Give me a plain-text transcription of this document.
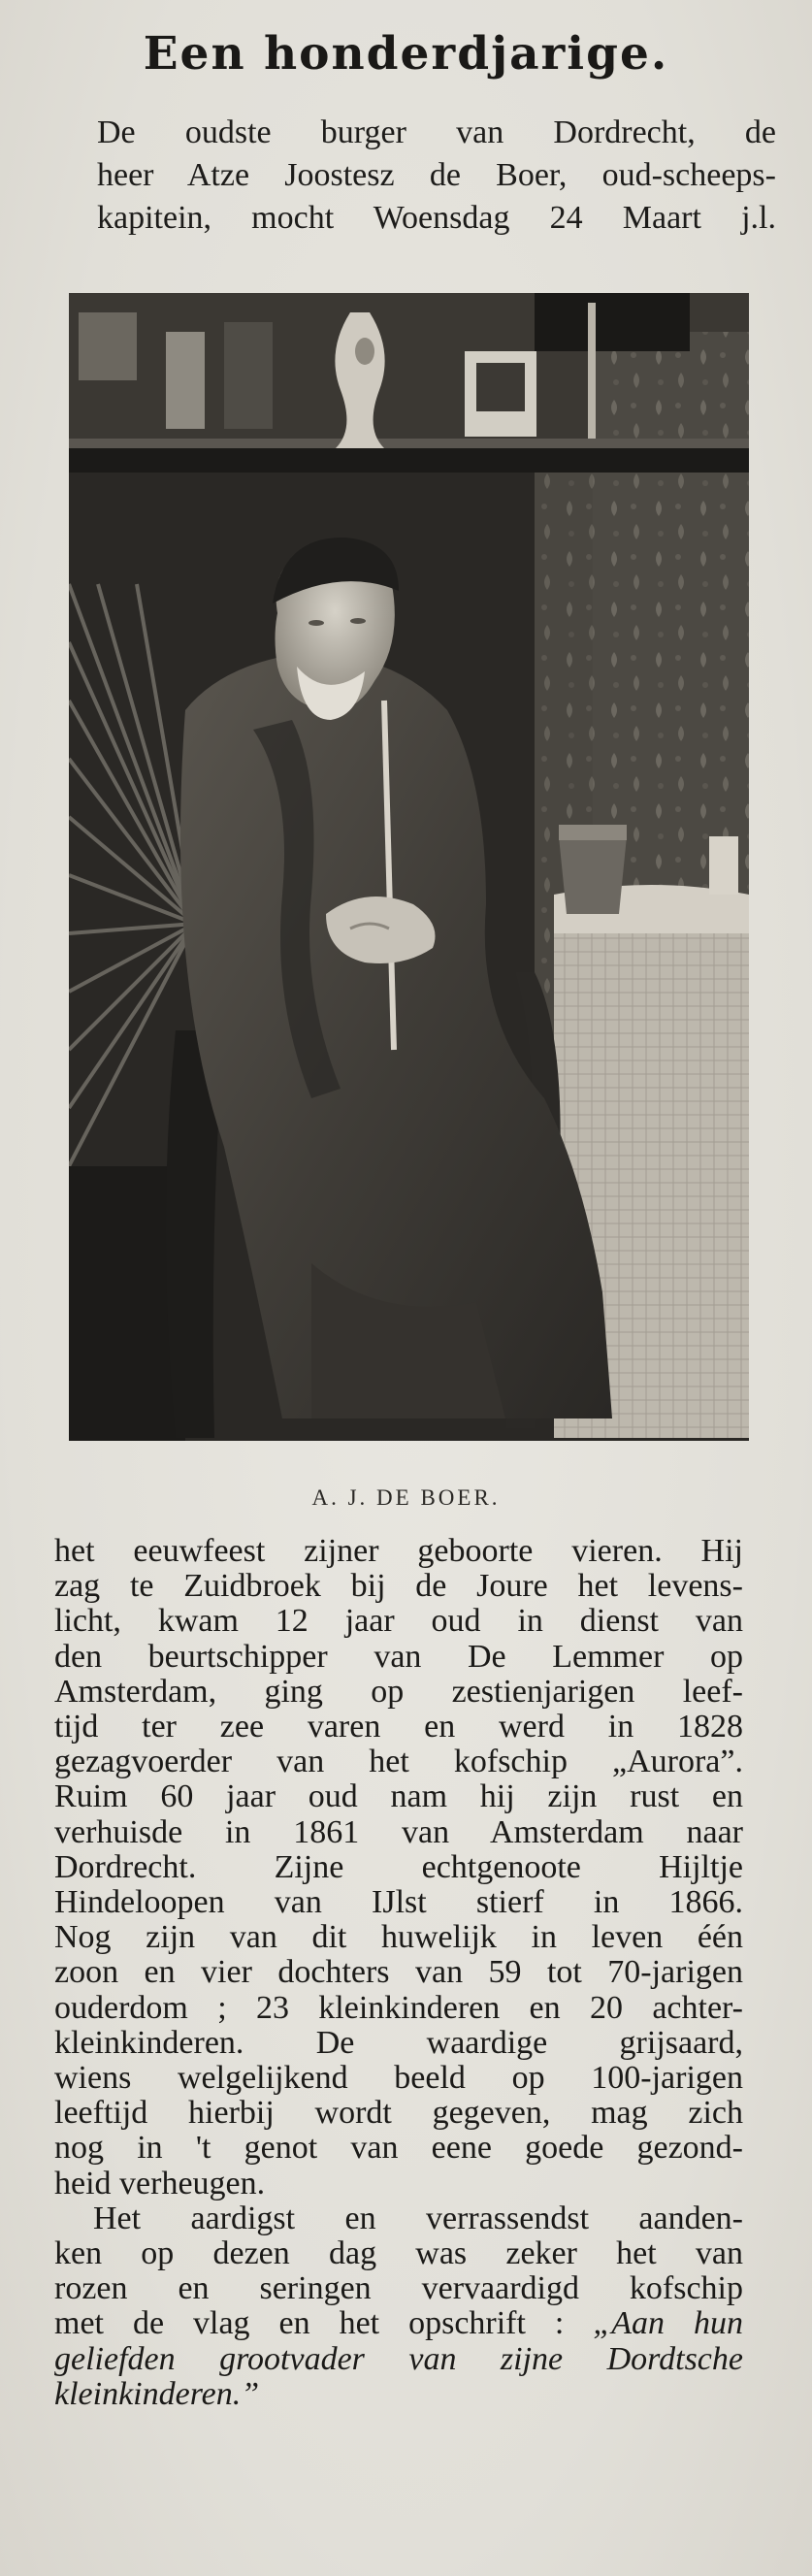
Een honderdjarige.
De oudste burger van Dordrecht, de
heer Atze Joostesz de Boer, oud-scheeps-
kapitein, mocht Woensdag 24 Maart j.l.
A. J. DE BOER.
het eeuwfeest zijner geboorte vieren. Hij
zag te Zuidbroek bij de Joure het levens-
licht, kwam 12 jaar oud in dienst van
den beurtschipper van De Lemmer op
Amsterdam, ging op zestienjarigen leef-
tijd ter zee varen en werd in 1828
gezagvoerder van het kofschip „Aurora”.
Ruim 60 jaar oud nam hij zijn rust en
verhuisde in 1861 van Amsterdam naar
Dordrecht. Zijne echtgenoote Hijltje
Hindeloopen van IJlst stierf in 1866.
Nog zijn van dit huwelijk in leven één
zoon en vier dochters van 59 tot 70-jarigen
ouderdom ; 23 kleinkinderen en 20 achter-
kleinkinderen. De waardige grijsaard,
wiens welgelijkend beeld op 100-jarigen
leeftijd hierbij wordt gegeven, mag zich
nog in 't genot van eene goede gezond-
heid verheugen.
Het aardigst en verrassendst aanden-
ken op dezen dag was zeker het van
rozen en seringen vervaardigd kofschip
met de vlag en het opschrift : „Aan hun
geliefden grootvader van zijne Dordtsche
kleinkinderen.”
